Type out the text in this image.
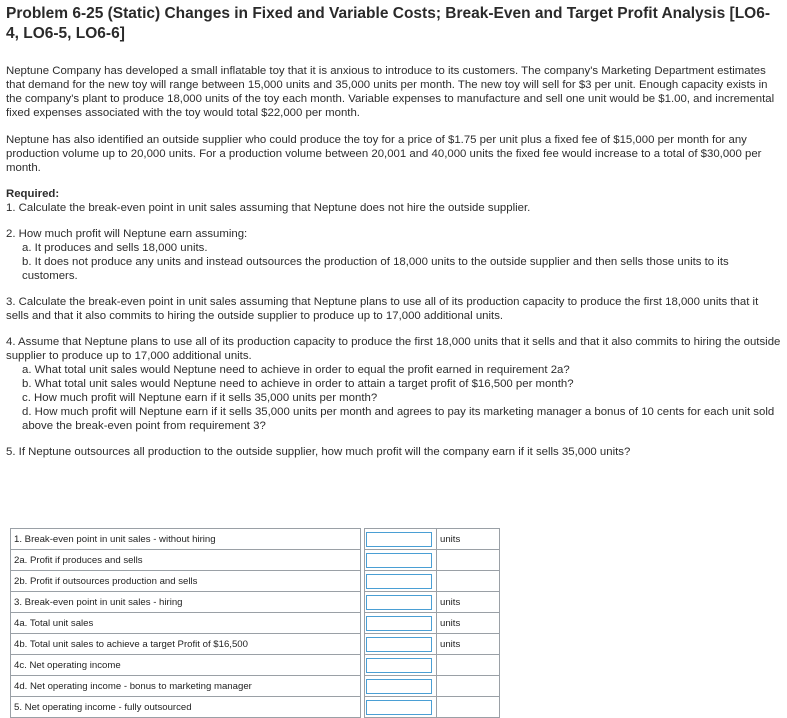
Problem 6-25 (Static) Changes in Fixed and Variable Costs; Break-Even and Target Profit Analysis [LO6-4, LO6-5, LO6-6]

Neptune Company has developed a small inflatable toy that it is anxious to introduce to its customers. The company's Marketing Department estimates that demand for the new toy will range between 15,000 units and 35,000 units per month. The new toy will sell for $3 per unit. Enough capacity exists in the company's plant to produce 18,000 units of the toy each month. Variable expenses to manufacture and sell one unit would be $1.00, and incremental fixed expenses associated with the toy would total $22,000 per month.

Neptune has also identified an outside supplier who could produce the toy for a price of $1.75 per unit plus a fixed fee of $15,000 per month for any production volume up to 20,000 units. For a production volume between 20,001 and 40,000 units the fixed fee would increase to a total of $30,000 per month.

Required:
1. Calculate the break-even point in unit sales assuming that Neptune does not hire the outside supplier.
2. How much profit will Neptune earn assuming:
a. It produces and sells 18,000 units.
b. It does not produce any units and instead outsources the production of 18,000 units to the outside supplier and then sells those units to its customers.
3. Calculate the break-even point in unit sales assuming that Neptune plans to use all of its production capacity to produce the first 18,000 units that it sells and that it also commits to hiring the outside supplier to produce up to 17,000 additional units.
4. Assume that Neptune plans to use all of its production capacity to produce the first 18,000 units that it sells and that it also commits to hiring the outside supplier to produce up to 17,000 additional units.
a. What total unit sales would Neptune need to achieve in order to equal the profit earned in requirement 2a?
b. What total unit sales would Neptune need to achieve in order to attain a target profit of $16,500 per month?
c. How much profit will Neptune earn if it sells 35,000 units per month?
d. How much profit will Neptune earn if it sells 35,000 units per month and agrees to pay its marketing manager a bonus of 10 cents for each unit sold above the break-even point from requirement 3?
5. If Neptune outsources all production to the outside supplier, how much profit will the company earn if it sells 35,000 units?
1. Break-even point in unit sales - without hiring			units
2a. Profit if produces and sells		

2b. Profit if outsources production and sells		

3. Break-even point in unit sales - hiring			units
4a. Total unit sales			units
4b. Total unit sales to achieve a target Profit of $16,500			units
4c. Net operating income		

4d. Net operating income - bonus to marketing manager		

5. Net operating income - fully outsourced		
